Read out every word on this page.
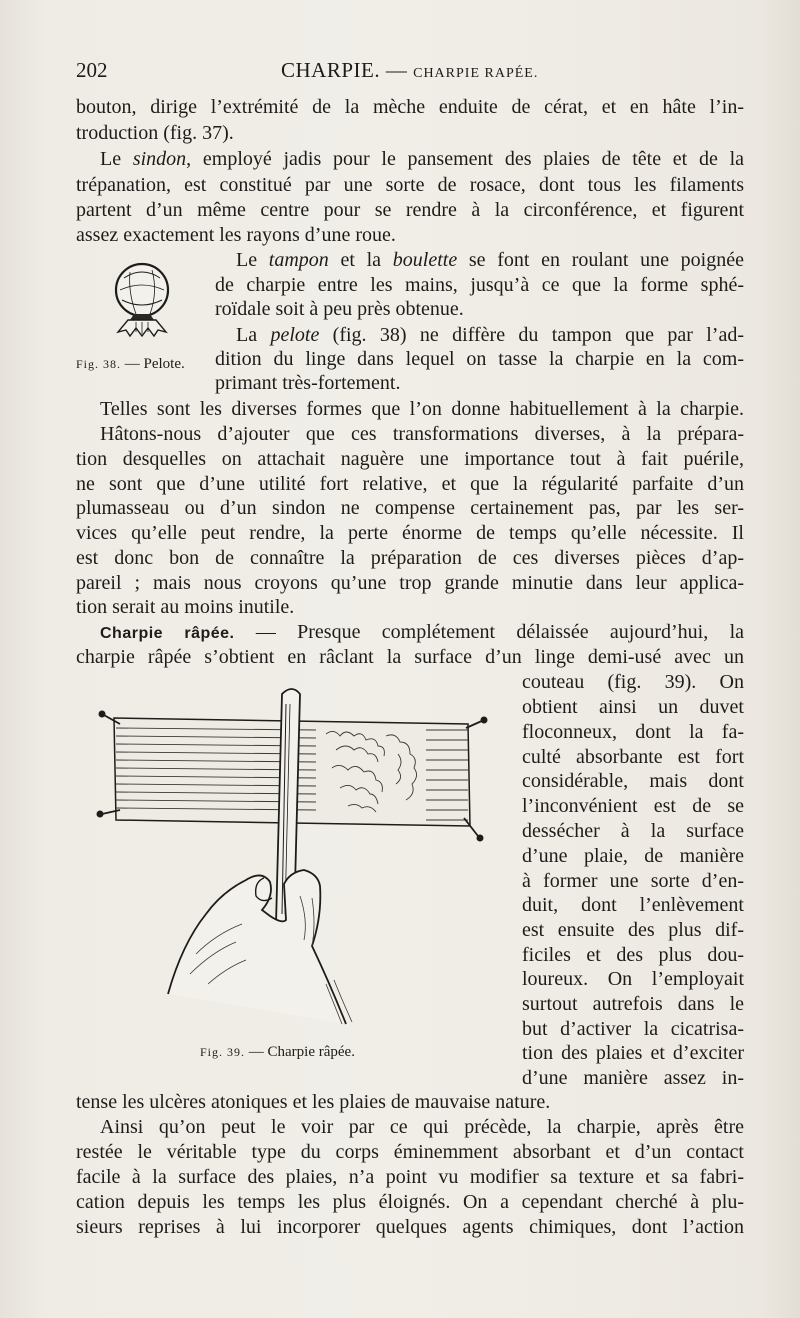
202	CHARPIE. — CHARPIE RAPÉE.
bouton, dirige l’extrémité de la mèche enduite de cérat, et en hâte l’in-
troduction (fig. 37).
Le sindon, employé jadis pour le pansement des plaies de tête et de la
trépanation, est constitué par une sorte de rosace, dont tous les filaments
partent d’un même centre pour se rendre à la circonférence, et figurent
assez exactement les rayons d’une roue.
Le tampon et la boulette se font en roulant une poignée
de charpie entre les mains, jusqu’à ce que la forme sphé-
roïdale soit à peu près obtenue.
La pelote (fig. 38) ne diffère du tampon que par l’ad-
Fig. 38. — Pelote. dition du linge dans lequel on tasse la charpie en la com-
primant très-fortement.
Telles sont les diverses formes que l’on donne habituellement à la charpie.
Hâtons-nous d’ajouter que ces transformations diverses, à la prépara-
tion desquelles on attachait naguère une importance tout à fait puérile,
ne sont que d’une utilité fort relative, et que la régularité parfaite d’un
plumasseau ou d’un sindon ne compense certainement pas, par les ser-
vices qu’elle peut rendre, la perte énorme de temps qu’elle nécessite. Il
est donc bon de connaître la préparation de ces diverses pièces d’ap-
pareil ; mais nous croyons qu’une trop grande minutie dans leur applica-
tion serait au moins inutile.
Charpie râpée. — Presque complétement délaissée aujourd’hui, la
charpie râpée s’obtient en râclant la surface d’un linge demi-usé avec un
couteau (fig. 39). On
obtient ainsi un duvet
floconneux, dont la fa-
culté absorbante est fort
considérable, mais dont
l’inconvénient est de se
dessécher à la surface
d’une plaie, de manière
à former une sorte d’en-
duit, dont l’enlèvement
est ensuite des plus dif-
ficiles et des plus dou-
loureux. On l’employait
surtout autrefois dans le
but d’activer la cicatrisa-
Fig. 39. — Charpie râpée.	tion des plaies et d’exciter
d’une manière assez in-
tense les ulcères atoniques et les plaies de mauvaise nature.
Ainsi qu’on peut le voir par ce qui précède, la charpie, après être
restée le véritable type du corps éminemment absorbant et d’un contact
facile à la surface des plaies, n’a point vu modifier sa texture et sa fabri-
cation depuis les temps les plus éloignés. On a cependant cherché à plu-
sieurs reprises à lui incorporer quelques agents chimiques, dont l’action
